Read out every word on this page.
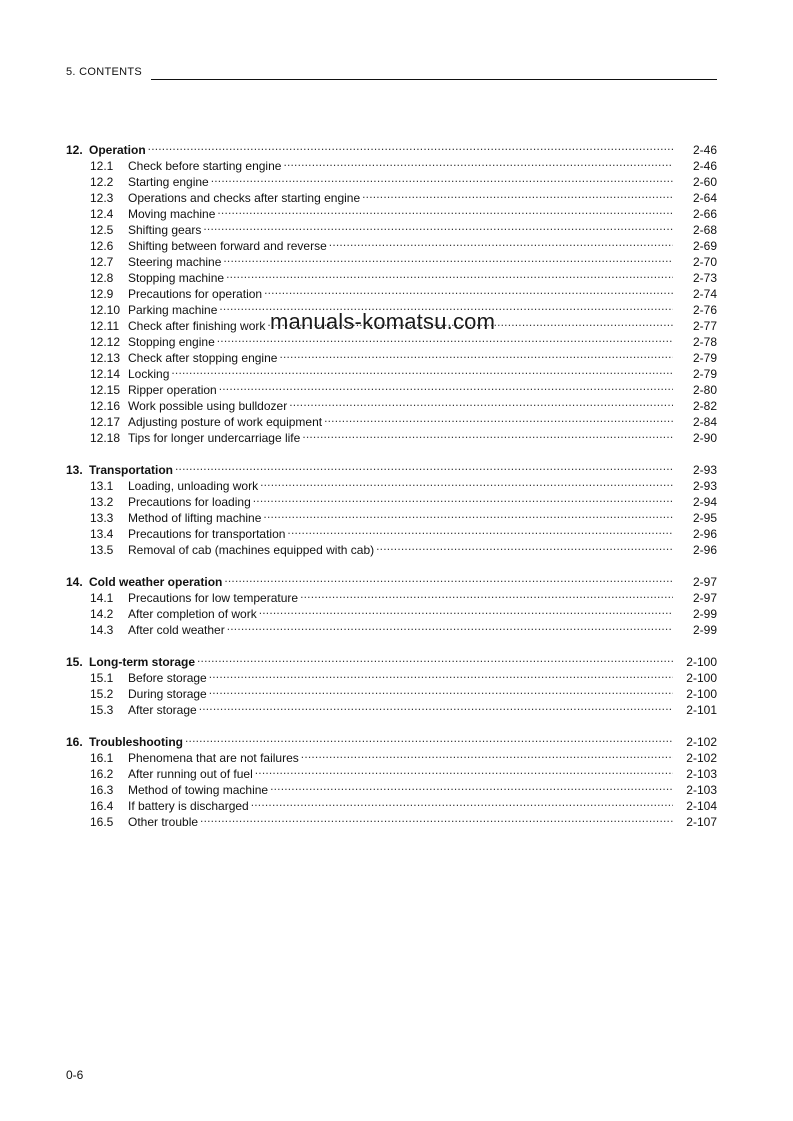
5. CONTENTS
12. Operation .....	2-46
12.1	Check before starting engine .....	2-46
12.2	Starting engine .....	2-60
12.3	Operations and checks after starting engine .....	2-64
12.4	Moving machine .....	2-66
12.5	Shifting gears .....	2-68
12.6	Shifting between forward and reverse .....	2-69
12.7	Steering machine .....	2-70
12.8	Stopping machine .....	2-73
12.9	Precautions for operation .....	2-74
12.10 Parking machine .....	2-76
12.11 Check after finishing work .....	2-77
12.12 Stopping engine .....	2-78
12.13 Check after stopping engine .....	2-79
12.14 Locking .....	2-79
12.15 Ripper operation .....	2-80
12.16 Work possible using bulldozer .....	2-82
12.17 Adjusting posture of work equipment .....	2-84
12.18 Tips for longer undercarriage life .....	2-90
13. Transportation .....	2-93
13.1	Loading, unloading work .....	2-93
13.2	Precautions for loading .....	2-94
13.3	Method of lifting machine .....	2-95
13.4	Precautions for transportation .....	2-96
13.5	Removal of cab (machines equipped with cab) .....	2-96
14. Cold weather operation .....	2-97
14.1	Precautions for low temperature .....	2-97
14.2	After completion of work .....	2-99
14.3	After cold weather .....	2-99
15. Long-term storage .....	2-100
15.1	Before storage .....	2-100
15.2	During storage .....	2-100
15.3	After storage .....	2-101
16. Troubleshooting .....	2-102
16.1	Phenomena that are not failures .....	2-102
16.2	After running out of fuel .....	2-103
16.3	Method of towing machine .....	2-103
16.4	If battery is discharged .....	2-104
16.5	Other trouble .....	2-107
manuals-komatsu.com
0-6
